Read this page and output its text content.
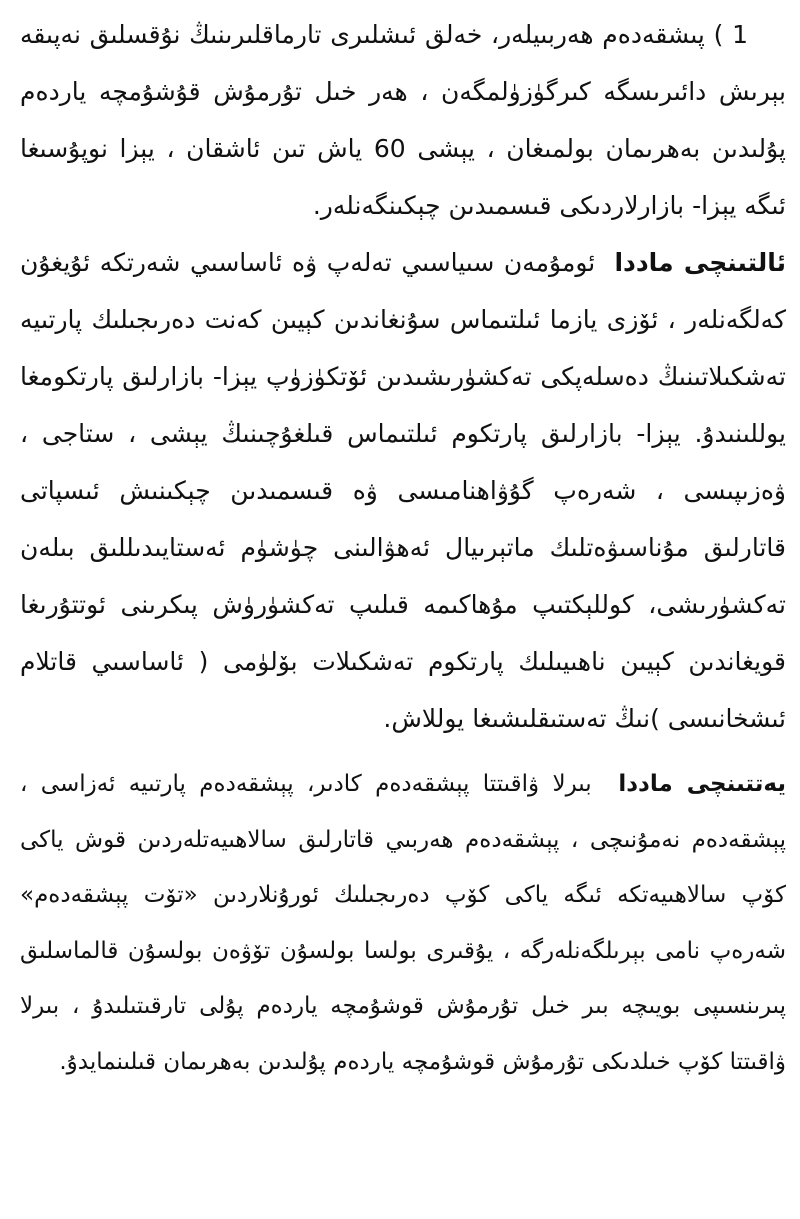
1 ) پىشقەدەم ھەربىيلەر، خەلق ئىشلىرى تارماقلىرىنىڭ نۇقسلىق نەپىقە بېرىش دائىرىسگە كىرگۈزۈلمگەن ، ھەر خىل تۇرمۇش قۇشۇمچە ياردەم پۇلىدىن بەھرىمان بولمىغان ، يېشى 60 ياش تىن ئاشقان ، يېزا نوپۇسىغا ئىگە يېزا- بازارلاردىكى قىسمىدىن چېكىنگەنلەر.

ئالتىنچى ماددا  ئومۇمەن سىياسىي تەلەپ ۋە ئاساسىي شەرتكە ئۇيغۇن كەلگەنلەر ، ئۆزى يازما ئىلتىماس سۇنغاندىن كېيىن كەنت دەرىجىلىك پارتىيە تەشكىلاتىنىڭ دەسلەپكى تەكشۈرىشىدىن ئۆتكۈزۈپ يېزا- بازارلىق پارتكومغا يوللىنىدۇ. يېزا- بازارلىق پارتكوم ئىلتىماس قىلغۇچىنىڭ يېشى ، ستاجى ، ۋەزىپىسى ، شەرەپ گۇۋاھنامىسى ۋە قىسمىدىن چېكىنىش ئىسپاتى قاتارلىق مۇناسىۋەتلىك ماتېرىيال ئەھۋالىنى چۈشۈم ئەستايىدىللىق بىلەن تەكشۈرىشى، كوللېكتىپ مۇھاكىمە قىلىپ تەكشۈرۈش پىكرىنى ئوتتۇرىغا قويغاندىن كېيىن ناھىيىلىك پارتكوم تەشكىلات بۆلۈمى ( ئاساسىي قاتلام ئىشخانىسى )نىڭ تەستىقلىشىغا يوللاش.

يەتتىنچى ماددا  بىرلا ۋاقىتتا پېشقەدەم كادىر، پېشقەدەم پارتىيە ئەزاسى ، پېشقەدەم نەمۇنىچى ، پېشقەدەم ھەربىي قاتارلىق سالاھىيەتلەردىن قوش ياكى كۆپ سالاھىيەتكە ئىگە ياكى كۆپ دەرىجىلىك ئورۇنلاردىن «تۆت پېشقەدەم» شەرەپ نامى بېرىلگەنلەرگە ، يۇقىرى بولسا بولسۇن تۆۋەن بولسۇن قالماسلىق پىرىنسىپى بويىچە بىر خىل تۇرمۇش قوشۇمچە ياردەم پۇلى تارقىتىلىدۇ ، بىرلا ۋاقىتتا كۆپ خىلدىكى تۇرمۇش قوشۇمچە ياردەم پۇلىدىن بەھرىمان قىلىنمايدۇ.
